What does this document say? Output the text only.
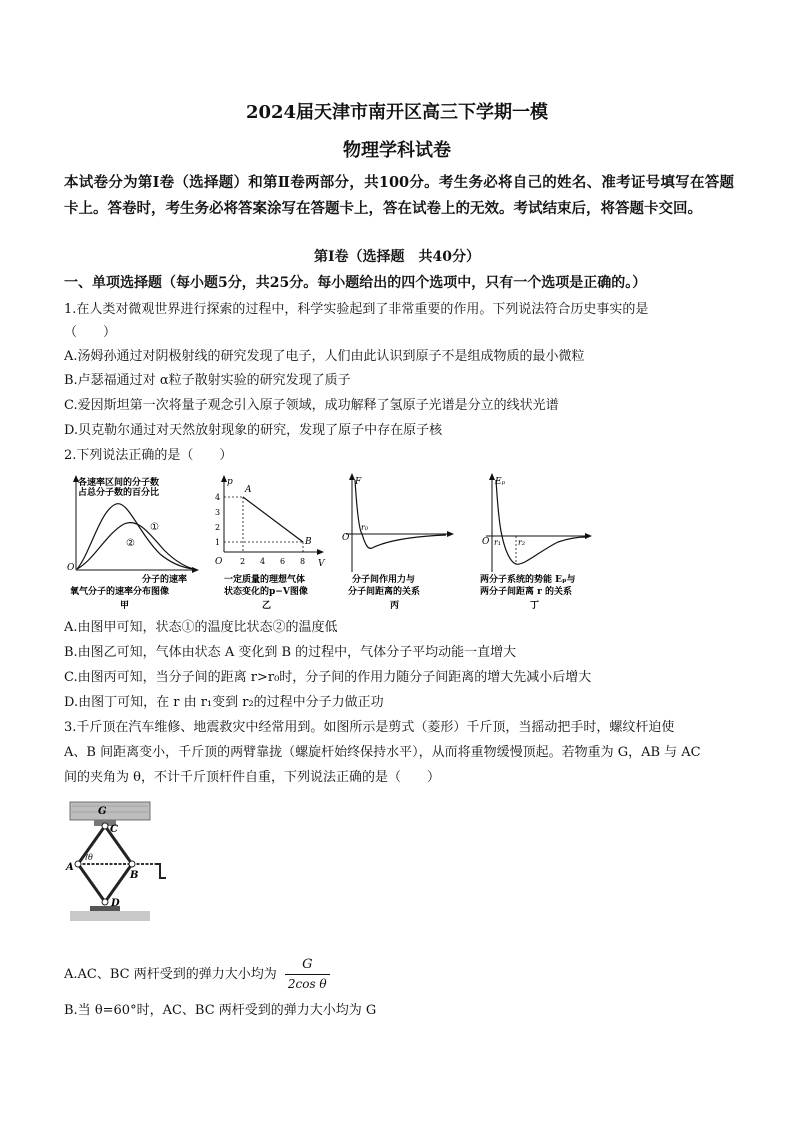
2024届天津市南开区高三下学期一模
物理学科试卷
本试卷分为第Ⅰ卷（选择题）和第Ⅱ卷两部分，共100分。考生务必将自己的姓名、准考证号填写在答题卡上。答卷时，考生务必将答案涂写在答题卡上，答在试卷上的无效。考试结束后，将答题卡交回。
第Ⅰ卷（选择题　共40分）
一、单项选择题（每小题5分，共25分。每小题给出的四个选项中，只有一个选项是正确的。）
1.在人类对微观世界进行探索的过程中，科学实验起到了非常重要的作用。下列说法符合历史事实的是
（　　）
A.汤姆孙通过对阴极射线的研究发现了电子，人们由此认识到原子不是组成物质的最小微粒
B.卢瑟福通过对 α粒子散射实验的研究发现了质子
C.爱因斯坦第一次将量子观念引入原子领域，成功解释了氢原子光谱是分立的线状光谱
D.贝克勒尔通过对天然放射现象的研究，发现了原子中存在原子核
2.下列说法正确的是（　　）
各速率区间的分子数
占总分子数的百分比
①
②
O
分子的速率
氧气分子的速率分布图像
甲
p
V
O
1
2
3
4
2 4 6 8
A
B
一定质量的理想气体
状态变化的p−V图像
乙
F
O
r₀
分子间作用力与
分子间距离的关系
丙
Eₚ
O r₁ r₂
两分子系统的势能 Eₚ与
两分子间距离 r 的关系
丁
A.由图甲可知，状态①的温度比状态②的温度低
B.由图乙可知，气体由状态 A 变化到 B 的过程中，气体分子平均动能一直增大
C.由图丙可知，当分子间的距离 r>r₀时，分子间的作用力随分子间距离的增大先减小后增大
D.由图丁可知，在 r 由 r₁变到 r₂的过程中分子力做正功
3.千斤顶在汽车维修、地震救灾中经常用到。如图所示是剪式（菱形）千斤顶，当摇动把手时，螺纹杆迫使
A、B 间距离变小，千斤顶的两臂靠拢（螺旋杆始终保持水平），从而将重物缓慢顶起。若物重为 G，AB 与 AC
间的夹角为 θ，不计千斤顶杆件自重，下列说法正确的是（　　）
G
C
A
B
D
θ
A.AC、BC 两杆受到的弹力大小均为 $\frac{G}{\text{2cos θ}}$
B.当 θ=60°时，AC、BC 两杆受到的弹力大小均为 G
